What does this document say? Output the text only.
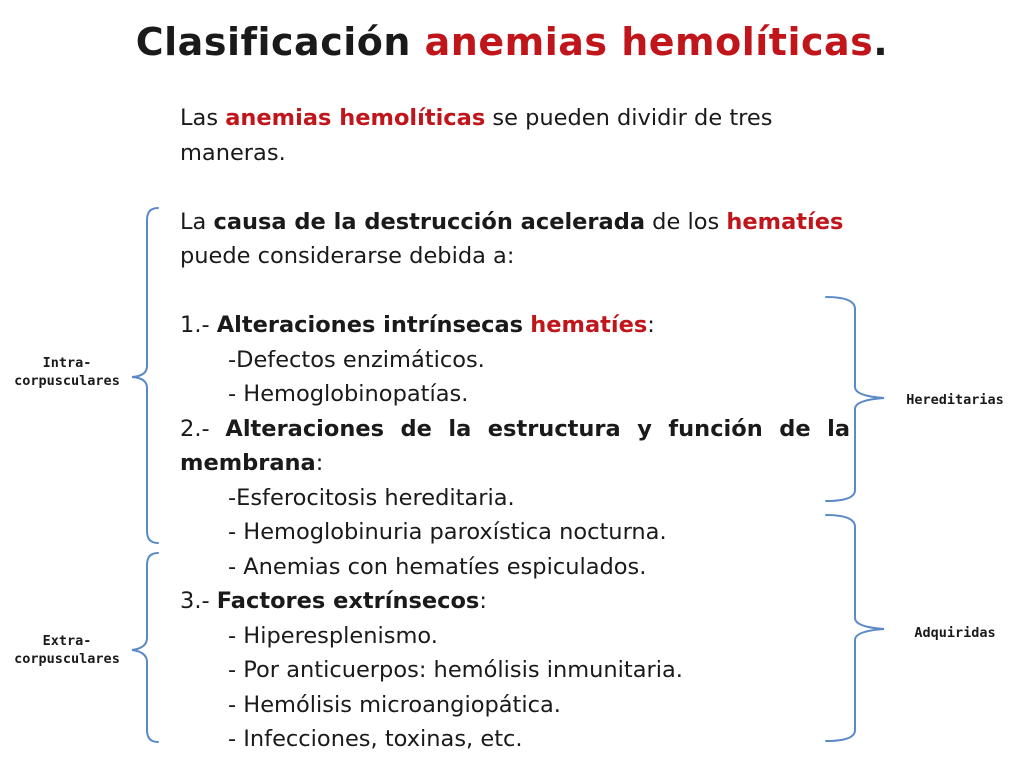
Clasificación anemias hemolíticas.

Las anemias hemolíticas se pueden dividir de tres

maneras.

La causa de la destrucción acelerada de los hematíes

puede considerarse debida a:

1.- Alteraciones intrínsecas hematíes:

-Defectos enzimáticos.

- Hemoglobinopatías.

2.- Alteraciones de la estructura y función de la

membrana:

-Esferocitosis hereditaria.

- Hemoglobinuria paroxística nocturna.

- Anemias con hematíes espiculados.

3.- Factores extrínsecos:

- Hiperesplenismo.

- Por anticuerpos: hemólisis inmunitaria.

- Hemólisis microangiopática.

- Infecciones, toxinas, etc.

Intra-
corpusculares
Extra-
corpusculares
Hereditarias
Adquiridas
